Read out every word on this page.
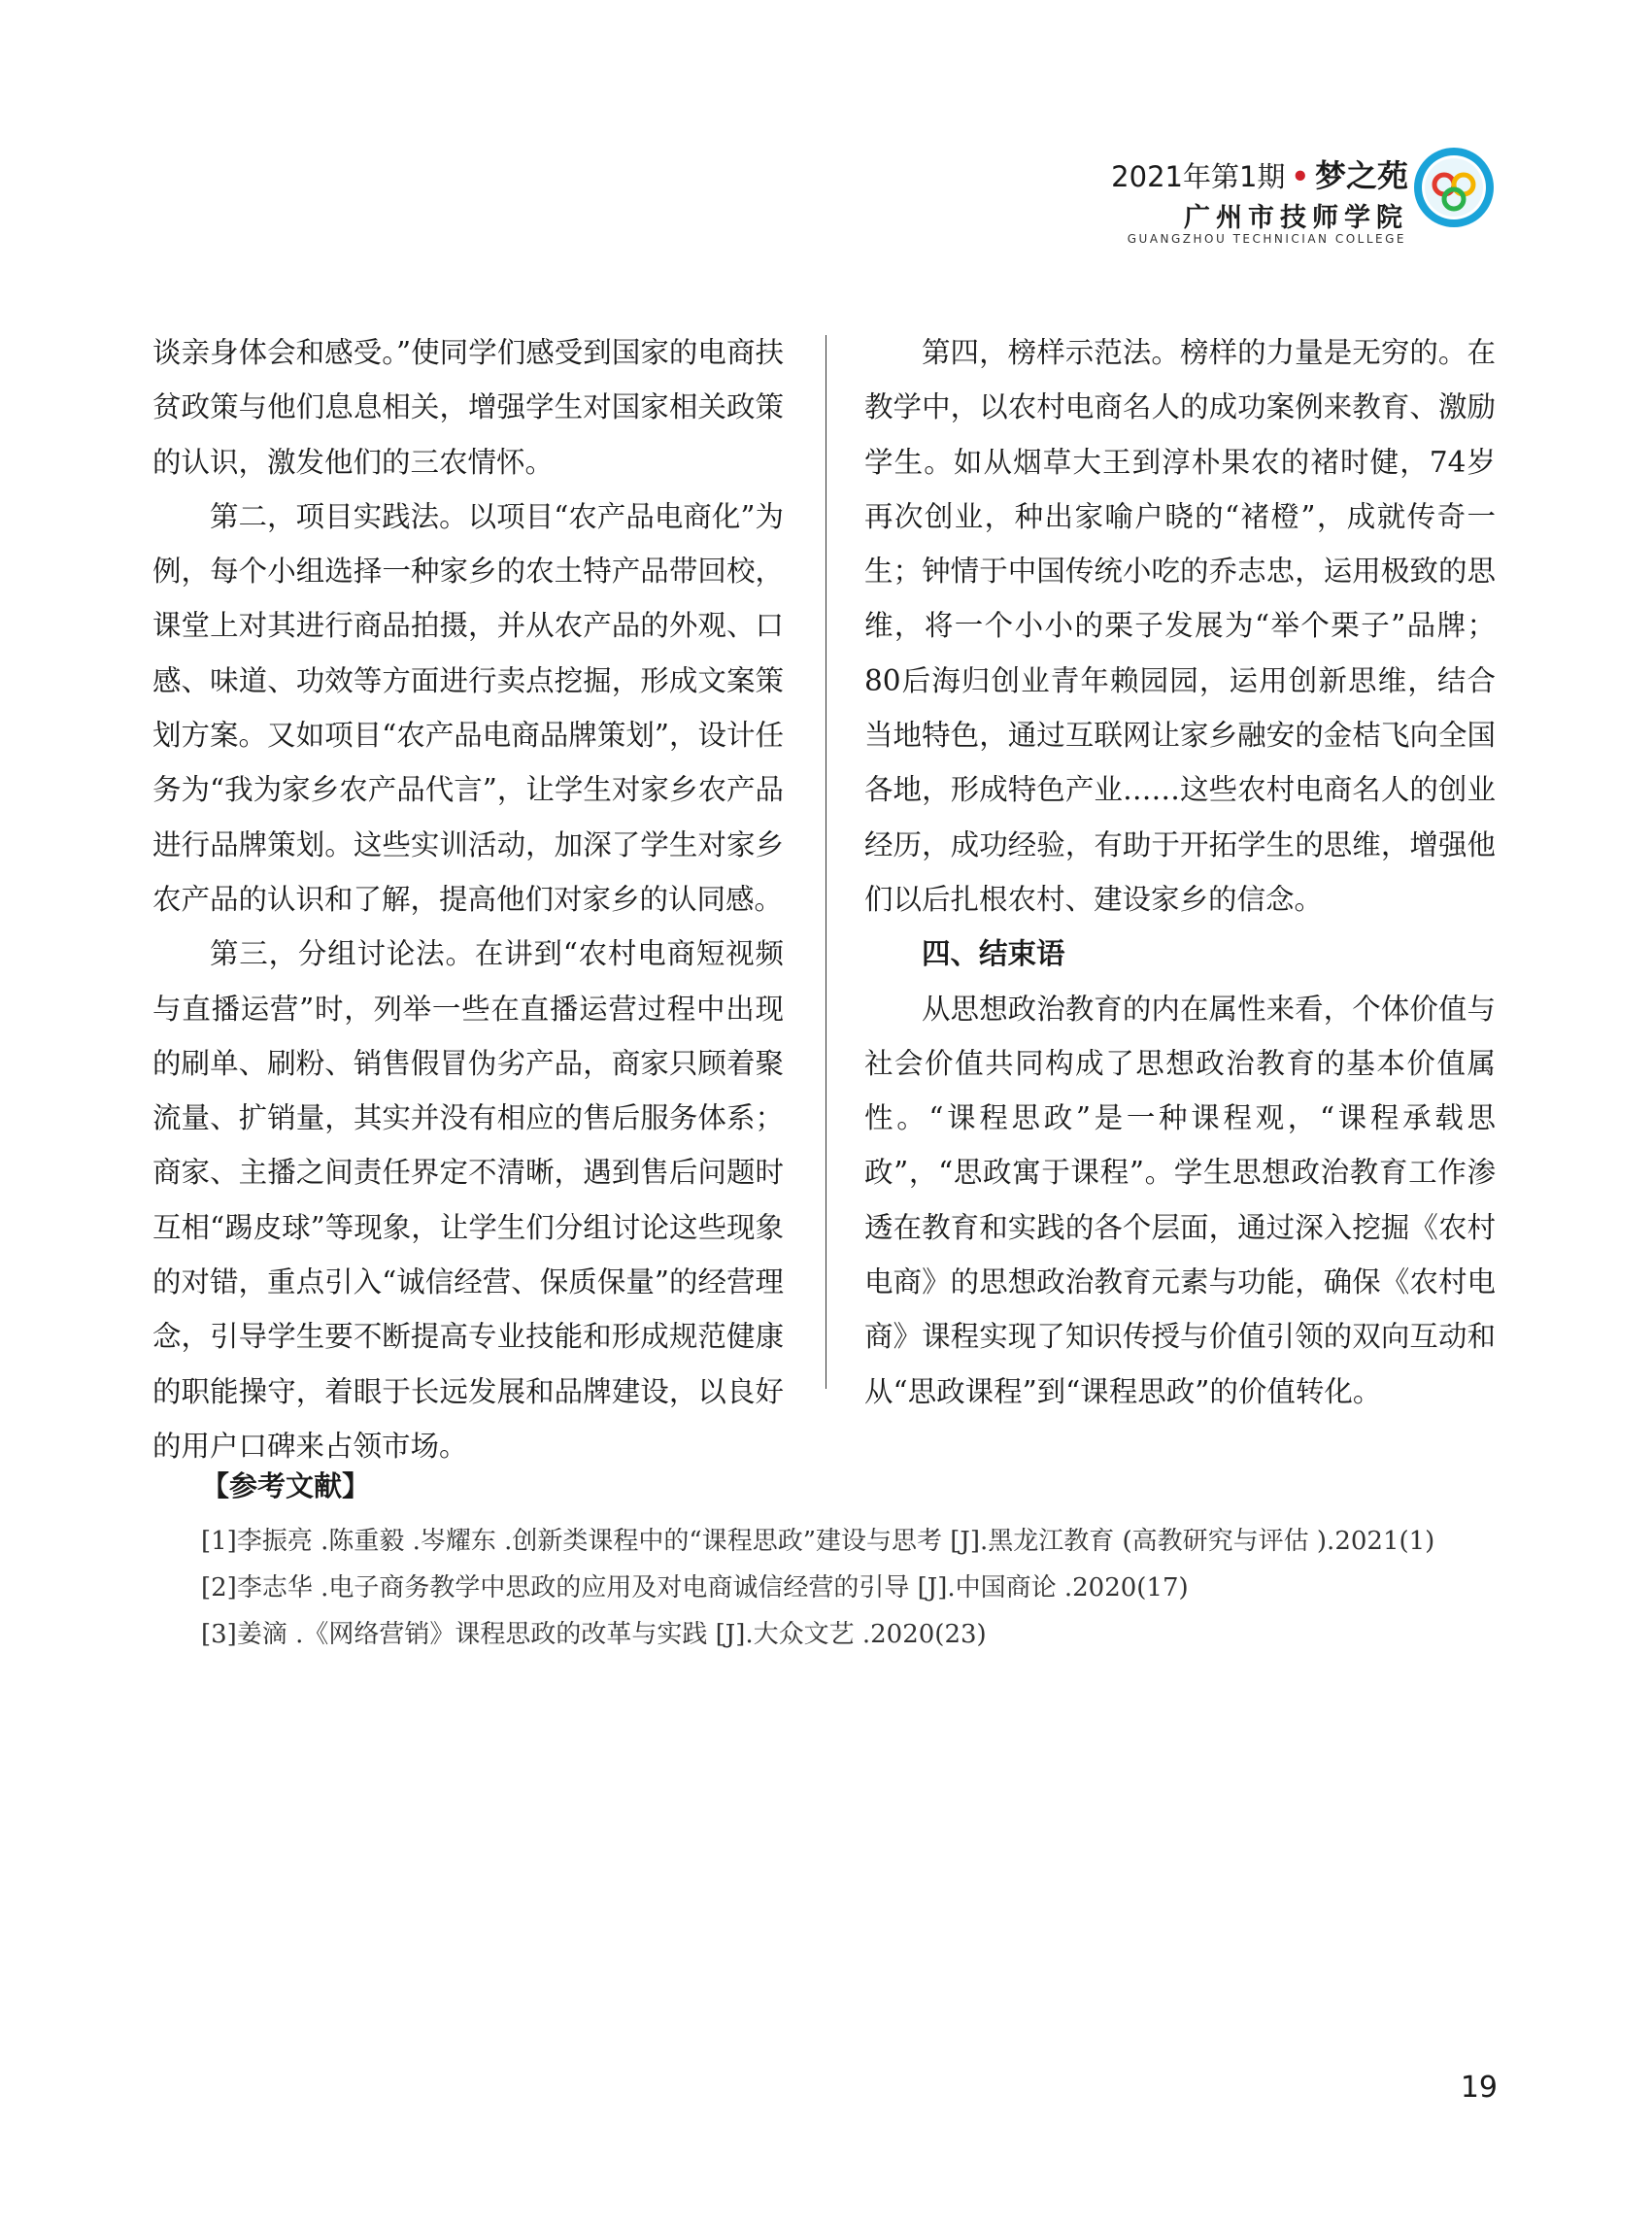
2021年第1期 • 梦之苑
广州市技师学院
GUANGZHOU TECHNICIAN COLLEGE

谈亲身体会和感受。”使同学们感受到国家的电商扶贫政策与他们息息相关，增强学生对国家相关政策的认识，激发他们的三农情怀。

第二，项目实践法。以项目“农产品电商化”为例，每个小组选择一种家乡的农土特产品带回校，课堂上对其进行商品拍摄，并从农产品的外观、口感、味道、功效等方面进行卖点挖掘，形成文案策划方案。又如项目“农产品电商品牌策划”，设计任务为“我为家乡农产品代言”，让学生对家乡农产品进行品牌策划。这些实训活动，加深了学生对家乡农产品的认识和了解，提高他们对家乡的认同感。

第三，分组讨论法。在讲到“农村电商短视频与直播运营”时，列举一些在直播运营过程中出现的刷单、刷粉、销售假冒伪劣产品，商家只顾着聚流量、扩销量，其实并没有相应的售后服务体系；商家、主播之间责任界定不清晰，遇到售后问题时互相“踢皮球”等现象，让学生们分组讨论这些现象的对错，重点引入“诚信经营、保质保量”的经营理念，引导学生要不断提高专业技能和形成规范健康的职能操守，着眼于长远发展和品牌建设，以良好的用户口碑来占领市场。

第四，榜样示范法。榜样的力量是无穷的。在教学中，以农村电商名人的成功案例来教育、激励学生。如从烟草大王到淳朴果农的褚时健，74岁再次创业，种出家喻户晓的“褚橙”，成就传奇一生；钟情于中国传统小吃的乔志忠，运用极致的思维，将一个小小的栗子发展为“举个栗子”品牌；80后海归创业青年赖园园，运用创新思维，结合当地特色，通过互联网让家乡融安的金桔飞向全国各地，形成特色产业……这些农村电商名人的创业经历，成功经验，有助于开拓学生的思维，增强他们以后扎根农村、建设家乡的信念。

四、结束语

从思想政治教育的内在属性来看，个体价值与社会价值共同构成了思想政治教育的基本价值属性。“课程思政”是一种课程观，“课程承载思政”，“思政寓于课程”。学生思想政治教育工作渗透在教育和实践的各个层面，通过深入挖掘《农村电商》的思想政治教育元素与功能，确保《农村电商》课程实现了知识传授与价值引领的双向互动和从“思政课程”到“课程思政”的价值转化。

【参考文献】
[1]李振亮 .陈重毅 .岑耀东 .创新类课程中的“课程思政”建设与思考 [J].黑龙江教育 (高教研究与评估 ).2021(1)
[2]李志华 .电子商务教学中思政的应用及对电商诚信经营的引导 [J].中国商论 .2020(17)
[3]姜滴 .《网络营销》课程思政的改革与实践 [J].大众文艺 .2020(23)
19
